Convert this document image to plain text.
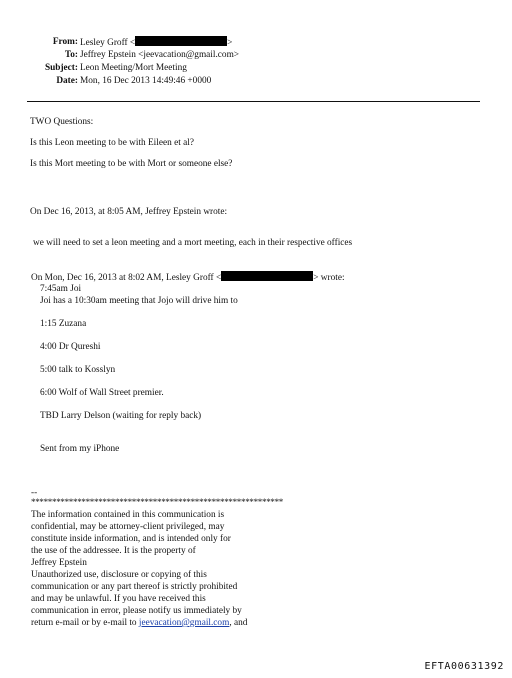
From: Lesley Groff <	>
To: Jeffrey Epstein <jeevacation@gmail.com>
Subject: Leon Meeting/Mort Meeting
Date: Mon, 16 Dec 2013 14:49:46 +0000
TWO Questions:
Is this Leon meeting to be with Eileen et al?
Is this Mort meeting to be with Mort or someone else?
On Dec 16, 2013, at 8:05 AM, Jeffrey Epstein wrote:
we will need to set a leon meeting and a mort meeting, each in their respective offices
On Mon, Dec 16, 2013 at 8:02 AM, Lesley Groff <	> wrote:
7:45am Joi
Joi has a 10:30am meeting that Jojo will drive him to
1:15 Zuzana
4:00 Dr Qureshi
5:00 talk to Kosslyn
6:00 Wolf of Wall Street premier.
TBD Larry Delson (waiting for reply back)
Sent from my iPhone
--
************************************************************
The information contained in this communication is
confidential, may be attorney-client privileged, may
constitute inside information, and is intended only for
the use of the addressee. It is the property of
Jeffrey Epstein
Unauthorized use, disclosure or copying of this
communication or any part thereof is strictly prohibited
and may be unlawful. If you have received this
communication in error, please notify us immediately by
return e-mail or by e-mail to jeevacation@gmail.com, and
EFTA00631392
